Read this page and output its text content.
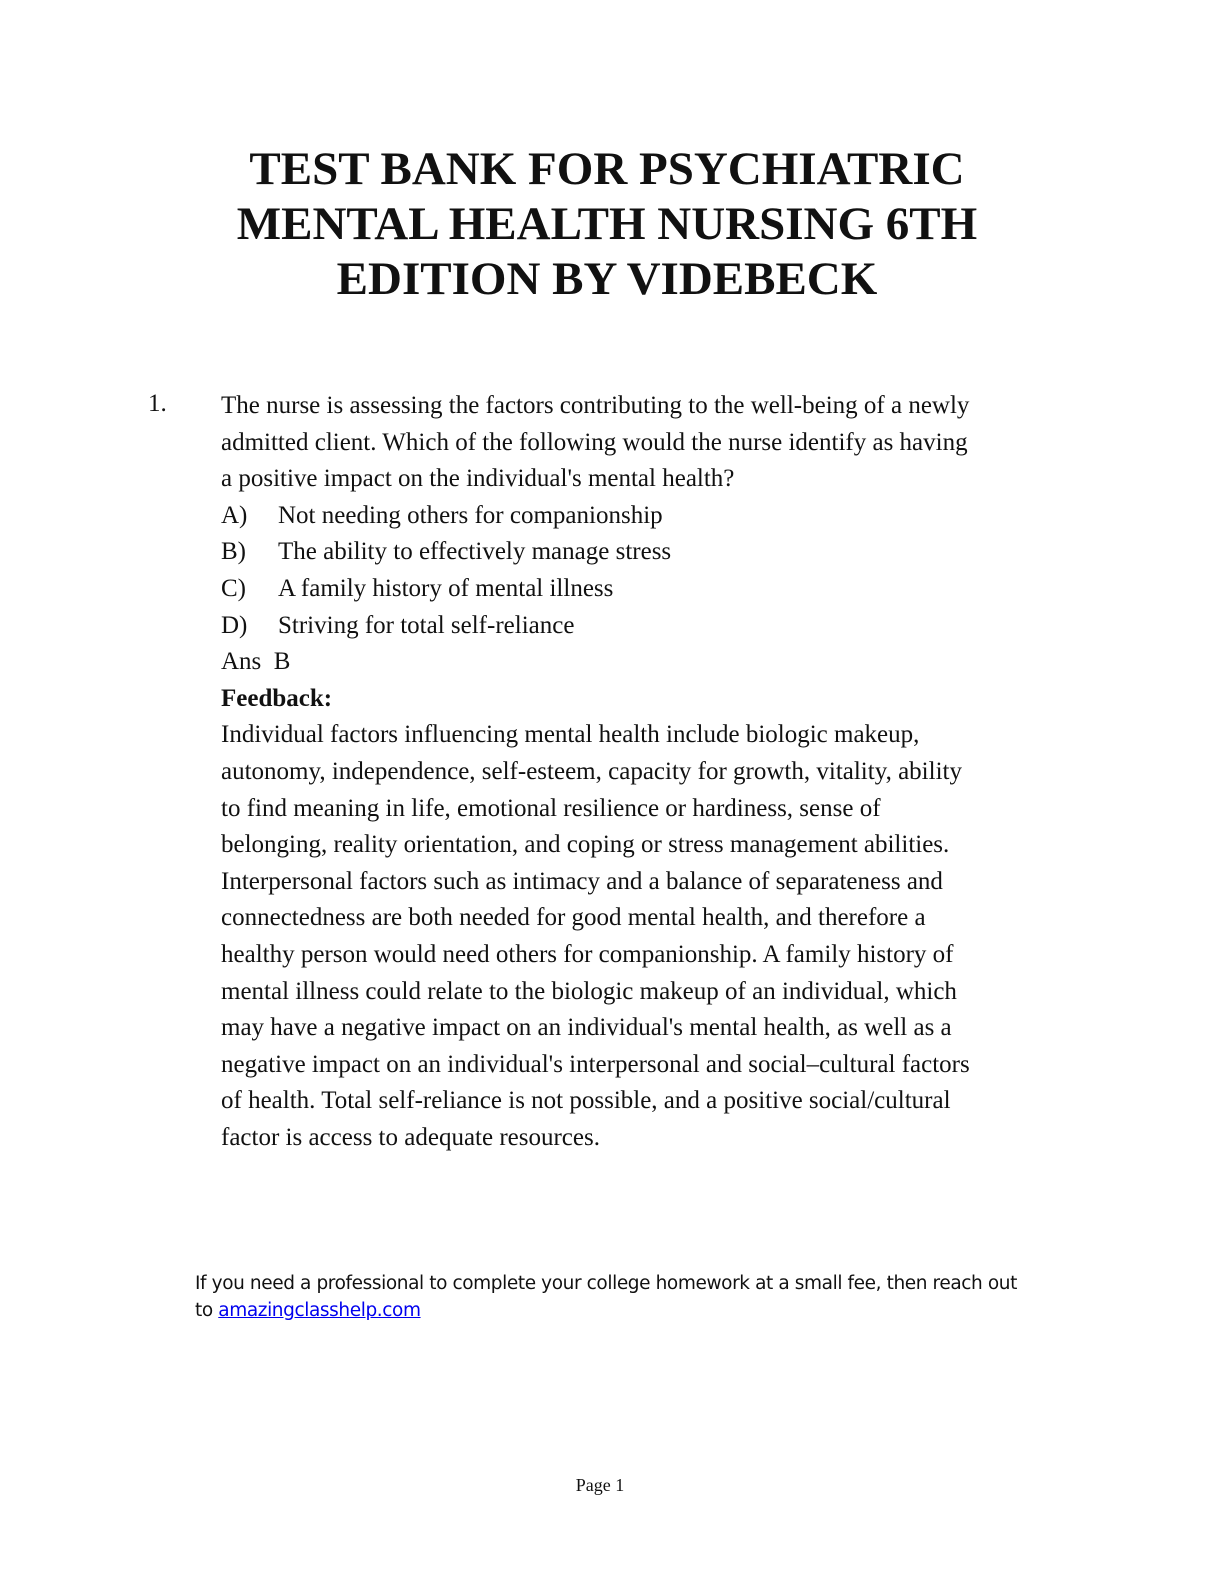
TEST BANK FOR PSYCHIATRIC
MENTAL HEALTH NURSING 6TH
EDITION BY VIDEBECK
1. The nurse is assessing the factors contributing to the well-being of a newly
admitted client. Which of the following would the nurse identify as having
a positive impact on the individual's mental health?
A)	Not needing others for companionship
B)	The ability to effectively manage stress
C)	A family history of mental illness
D)	Striving for total self-reliance
Ans  B
Feedback:
Individual factors influencing mental health include biologic makeup,
autonomy, independence, self-esteem, capacity for growth, vitality, ability
to find meaning in life, emotional resilience or hardiness, sense of
belonging, reality orientation, and coping or stress management abilities.
Interpersonal factors such as intimacy and a balance of separateness and
connectedness are both needed for good mental health, and therefore a
healthy person would need others for companionship. A family history of
mental illness could relate to the biologic makeup of an individual, which
may have a negative impact on an individual's mental health, as well as a
negative impact on an individual's interpersonal and social–cultural factors
of health. Total self-reliance is not possible, and a positive social/cultural
factor is access to adequate resources.
If you need a professional to complete your college homework at a small fee, then reach out
to amazingclasshelp.com
Page 1
